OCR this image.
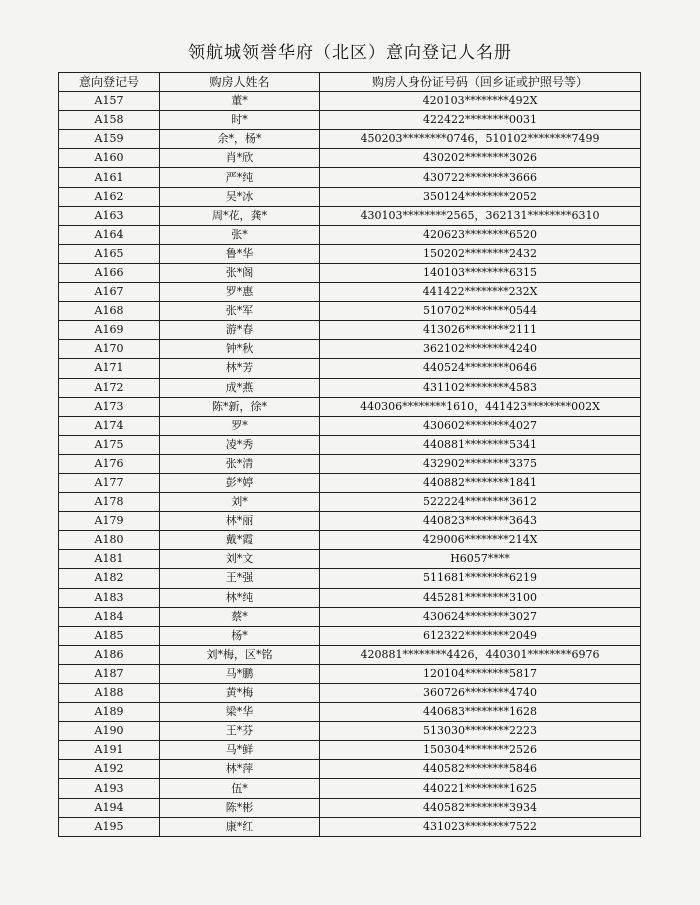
领航城领誉华府（北区）意向登记人名册
意向登记号	购房人姓名	购房人身份证号码（回乡证或护照号等）
A157	董*	420103********492X
A158	时*	422422********0031
A159	余*，杨*	450203********0746，510102********7499
A160	肖*欣	430202********3026
A161	严*纯	430722********3666
A162	吴*冰	350124********2052
A163	周*花，龚*	430103********2565，362131********6310
A164	张*	420623********6520
A165	鲁*华	150202********2432
A166	张*阁	140103********6315
A167	罗*惠	441422********232X
A168	张*军	510702********0544
A169	游*春	413026********2111
A170	钟*秋	362102********4240
A171	林*芳	440524********0646
A172	成*燕	431102********4583
A173	陈*新，徐*	440306********1610，441423********002X
A174	罗*	430602********4027
A175	凌*秀	440881********5341
A176	张*清	432902********3375
A177	彭*婷	440882********1841
A178	刘*	522224********3612
A179	林*丽	440823********3643
A180	戴*霞	429006********214X
A181	刘*文	H6057****
A182	王*强	511681********6219
A183	林*纯	445281********3100
A184	蔡*	430624********3027
A185	杨*	612322********2049
A186	刘*梅，区*铭	420881********4426，440301********6976
A187	马*鹏	120104********5817
A188	黄*梅	360726********4740
A189	梁*华	440683********1628
A190	王*芬	513030********2223
A191	马*鲜	150304********2526
A192	林*萍	440582********5846
A193	伍*	440221********1625
A194	陈*彬	440582********3934
A195	康*红	431023********7522
